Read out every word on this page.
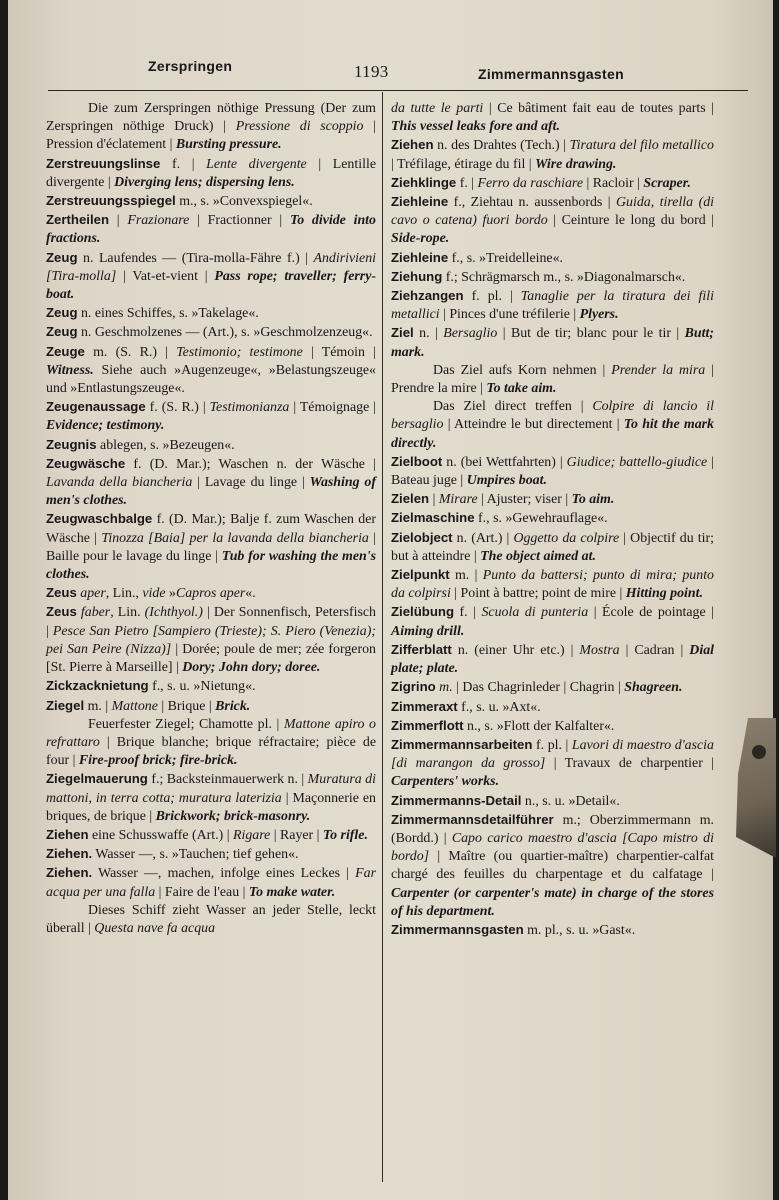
Zerspringen	1193	Zimmermannsgasten

Die zum Zerspringen nöthige Pressung (Der zum Zerspringen nöthige Druck) | Pressione di scoppio | Pression d'éclatement | Bursting pressure.

Zerstreuungslinse f. | Lente divergente | Lentille divergente | Diverging lens; dispersing lens.

Zerstreuungsspiegel m., s. »Convexspiegel«.

Zertheilen | Frazionare | Fractionner | To divide into fractions.

Zeug n. Laufendes — (Tira-molla-Fähre f.) | Andirivieni [Tira-molla] | Vat-et-vient | Pass rope; traveller; ferry-boat.

Zeug n. eines Schiffes, s. »Takelage«.

Zeug n. Geschmolzenes — (Art.), s. »Geschmolzenzeug«.

Zeuge m. (S. R.) | Testimonio; testimone | Témoin | Witness. Siehe auch »Augenzeuge«, »Belastungszeuge« und »Entlastungszeuge«.

Zeugenaussage f. (S. R.) | Testimonianza | Témoignage | Evidence; testimony.

Zeugnis ablegen, s. »Bezeugen«.

Zeugwäsche f. (D. Mar.); Waschen n. der Wäsche | Lavanda della biancheria | Lavage du linge | Washing of men's clothes.

Zeugwaschbalge f. (D. Mar.); Balje f. zum Waschen der Wäsche | Tinozza [Baia] per la lavanda della biancheria | Baille pour le lavage du linge | Tub for washing the men's clothes.

Zeus aper, Lin., vide »Capros aper«.

Zeus faber, Lin. (Ichthyol.) | Der Sonnenfisch, Petersfisch | Pesce San Pietro [Sampiero (Trieste); S. Piero (Venezia); pei San Peire (Nizza)] | Dorée; poule de mer; zée forgeron [St. Pierre à Marseille] | Dory; John dory; doree.

Zickzacknietung f., s. u. »Nietung«.

Ziegel m. | Mattone | Brique | Brick.

Feuerfester Ziegel; Chamotte pl. | Mattone apiro o refrattaro | Brique blanche; brique réfractaire; pièce de four | Fire-proof brick; fire-brick.

Ziegelmauerung f.; Backsteinmauerwerk n. | Muratura di mattoni, in terra cotta; muratura laterizia | Maçonnerie en briques, de brique | Brickwork; brick-masonry.

Ziehen eine Schusswaffe (Art.) | Rigare | Rayer | To rifle.

Ziehen. Wasser —, s. »Tauchen; tief gehen«.

Ziehen. Wasser —, machen, infolge eines Leckes | Far acqua per una falla | Faire de l'eau | To make water.

Dieses Schiff zieht Wasser an jeder Stelle, leckt überall | Questa nave fa acqua

da tutte le parti | Ce bâtiment fait eau de toutes parts | This vessel leaks fore and aft.

Ziehen n. des Drahtes (Tech.) | Tiratura del filo metallico | Tréfilage, étirage du fil | Wire drawing.

Ziehklinge f. | Ferro da raschiare | Racloir | Scraper.

Ziehleine f., Ziehtau n. aussenbords | Guida, tirella (di cavo o catena) fuori bordo | Ceinture le long du bord | Side-rope.

Ziehleine f., s. »Treidelleine«.

Ziehung f.; Schrägmarsch m., s. »Diagonalmarsch«.

Ziehzangen f. pl. | Tanaglie per la tiratura dei fili metallici | Pinces d'une tréfilerie | Plyers.

Ziel n. | Bersaglio | But de tir; blanc pour le tir | Butt; mark.

Das Ziel aufs Korn nehmen | Prender la mira | Prendre la mire | To take aim.

Das Ziel direct treffen | Colpire di lancio il bersaglio | Atteindre le but directement | To hit the mark directly.

Zielboot n. (bei Wettfahrten) | Giudice; battello-giudice | Bateau juge | Umpires boat.

Zielen | Mirare | Ajuster; viser | To aim.

Zielmaschine f., s. »Gewehrauflage«.

Zielobject n. (Art.) | Oggetto da colpire | Objectif du tir; but à atteindre | The object aimed at.

Zielpunkt m. | Punto da battersi; punto di mira; punto da colpirsi | Point à battre; point de mire | Hitting point.

Zielübung f. | Scuola di punteria | École de pointage | Aiming drill.

Zifferblatt n. (einer Uhr etc.) | Mostra | Cadran | Dial plate; plate.

Zigrino m. | Das Chagrinleder | Chagrin | Shagreen.

Zimmeraxt f., s. u. »Axt«.

Zimmerflott n., s. »Flott der Kalfalter«.

Zimmermannsarbeiten f. pl. | Lavori di maestro d'ascia [di marangon da grosso] | Travaux de charpentier | Carpenters' works.

Zimmermanns-Detail n., s. u. »Detail«.

Zimmermannsdetailführer m.; Oberzimmermann m. (Bordd.) | Capo carico maestro d'ascia [Capo mistro di bordo] | Maître (ou quartier-maître) charpentier-calfat chargé des feuilles du charpentage et du calfatage | Carpenter (or carpenter's mate) in charge of the stores of his department.

Zimmermannsgasten m. pl., s. u. »Gast«.
